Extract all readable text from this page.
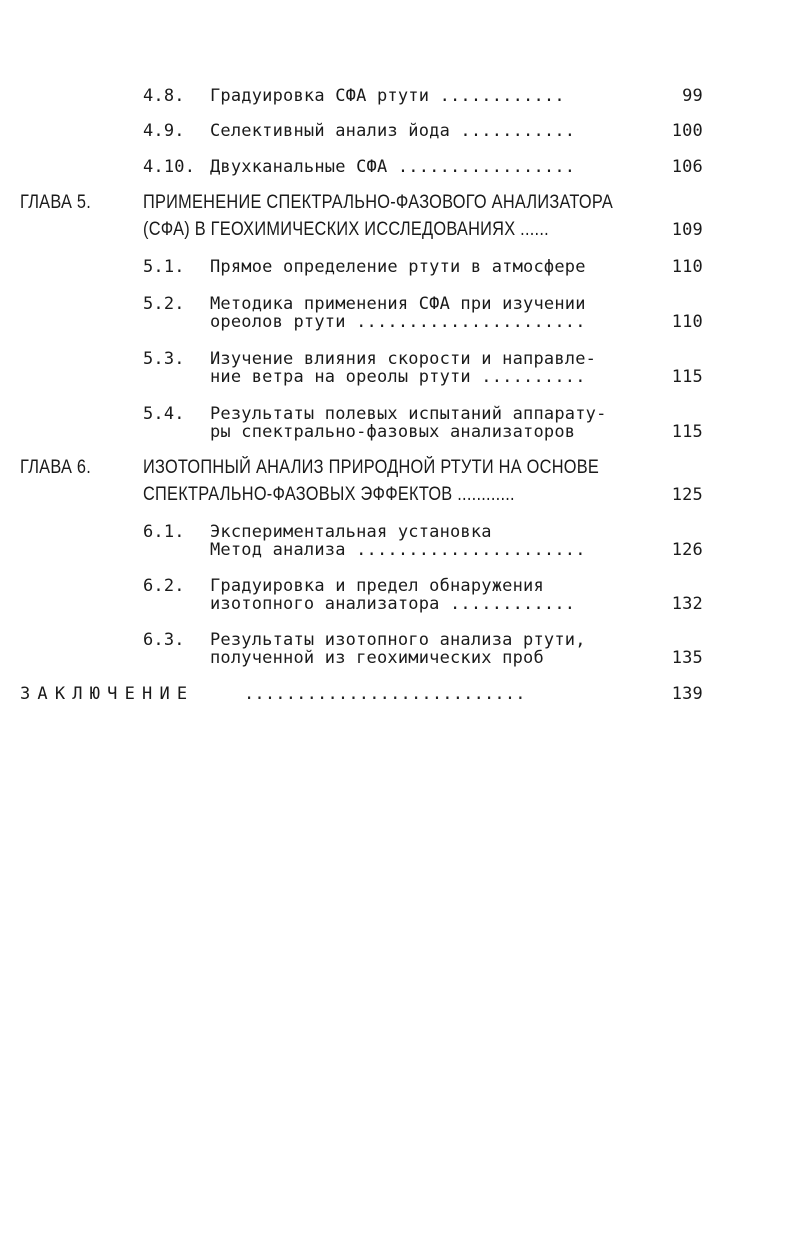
4.8. Градуировка СФА ртути ............	99
4.9. Селективный анализ йода ...........	100
4.10. Двухканальные СФА .................	106
ГЛАВА 5.	ПРИМЕНЕНИЕ СПЕКТРАЛЬНО-ФАЗОВОГО АНАЛИЗАТОРА
(СФА) В ГЕОХИМИЧЕСКИХ ИССЛЕДОВАНИЯХ ......	109
5.1. Прямое определение ртути в атмосфере	110
5.2. Методика применения СФА при изучении
ореолов ртути ......................	110
5.3. Изучение влияния скорости и направле-
ние ветра на ореолы ртути ..........	115
5.4. Результаты полевых испытаний аппарату-
ры спектрально-фазовых анализаторов	115
ГЛАВА 6.	ИЗОТОПНЫЙ АНАЛИЗ ПРИРОДНОЙ РТУТИ НА ОСНОВЕ
СПЕКТРАЛЬНО-ФАЗОВЫХ ЭФФЕКТОВ ............	125
6.1. Экспериментальная установка
Метод анализа ......................	126
6.2. Градуировка и предел обнаружения
изотопного анализатора ............	132
6.3. Результаты изотопного анализа ртути,
полученной из геохимических проб	135
ЗАКЛЮЧЕНИЕ	...........................	139
